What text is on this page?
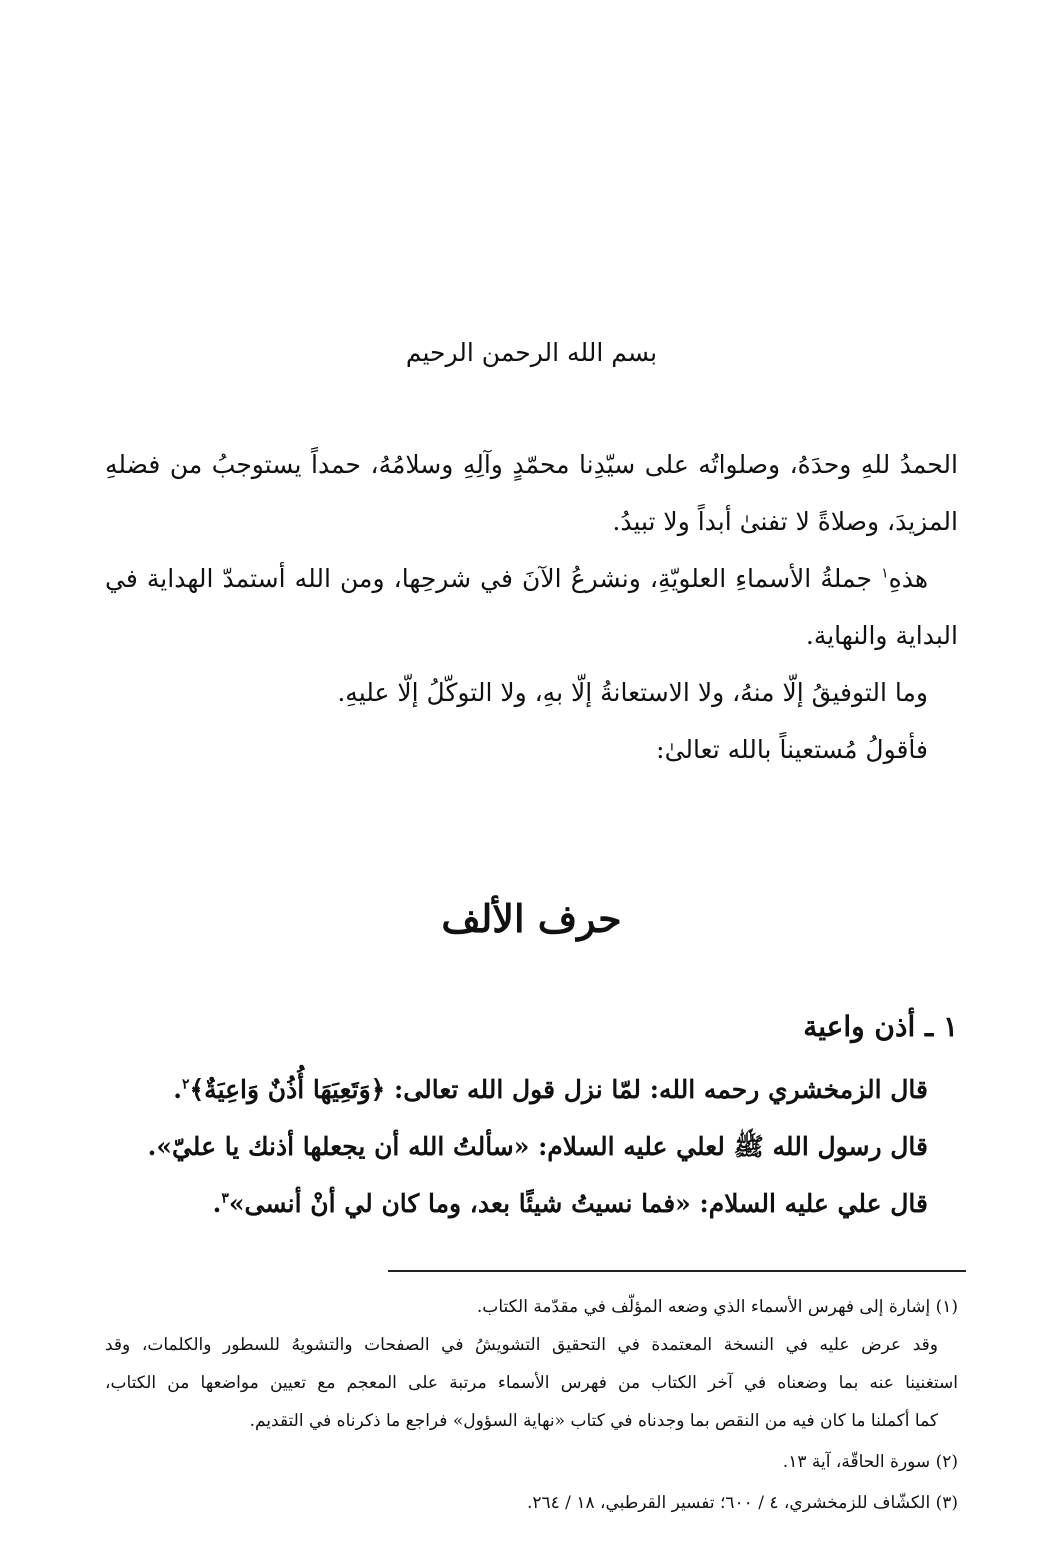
بسم الله الرحمن الرحيم

الحمدُ للهِ وحدَهُ، وصلواتُه على سيّدِنا محمّدٍ وآلِهِ وسلامُهُ، حمداً يستوجبُ من فضلهِ

المزيدَ، وصلاةً لا تفنىٰ أبداً ولا تبيدُ.

هذهِ$^١$ جملةُ الأسماءِ العلويّةِ، ونشرعُ الآنَ في شرحِها، ومن الله أستمدّ الهداية في

البداية والنهاية.

وما التوفيقُ إلّا منهُ، ولا الاستعانةُ إلّا بهِ، ولا التوكّلُ إلّا عليهِ.

فأقولُ مُستعيناً بالله تعالىٰ:

حرف الألف

١ ـ أذن واعية

قال الزمخشري رحمه الله: لمّا نزل قول الله تعالى: ﴿وَتَعِيَهَا أُذُنٌ وَاعِيَةٌ﴾$^٢$.

قال رسول الله ﷺ لعلي عليه السلام: «سألتُ الله أن يجعلها أذنك يا عليّ».

قال علي عليه السلام: «فما نسيتُ شيئًا بعد، وما كان لي أنْ أنسى»$^٣$.

(١) إشارة إلى فهرس الأسماء الذي وضعه المؤلّف في مقدّمة الكتاب.

وقد عرض عليه في النسخة المعتمدة في التحقيق التشويشُ في الصفحات والتشويهُ للسطور والكلمات، وقد

استغنينا عنه بما وضعناه في آخر الكتاب من فهرس الأسماء مرتبة على المعجم مع تعيين مواضعها من الكتاب،

كما أكملنا ما كان فيه من النقص بما وجدناه في كتاب «نهاية السؤول» فراجع ما ذكرناه في التقديم.

(٢) سورة الحاقّة، آية ١٣.

(٣) الكشّاف للزمخشري، ٤ / ٦٠٠؛ تفسير القرطبي، ١٨ / ٢٦٤.
